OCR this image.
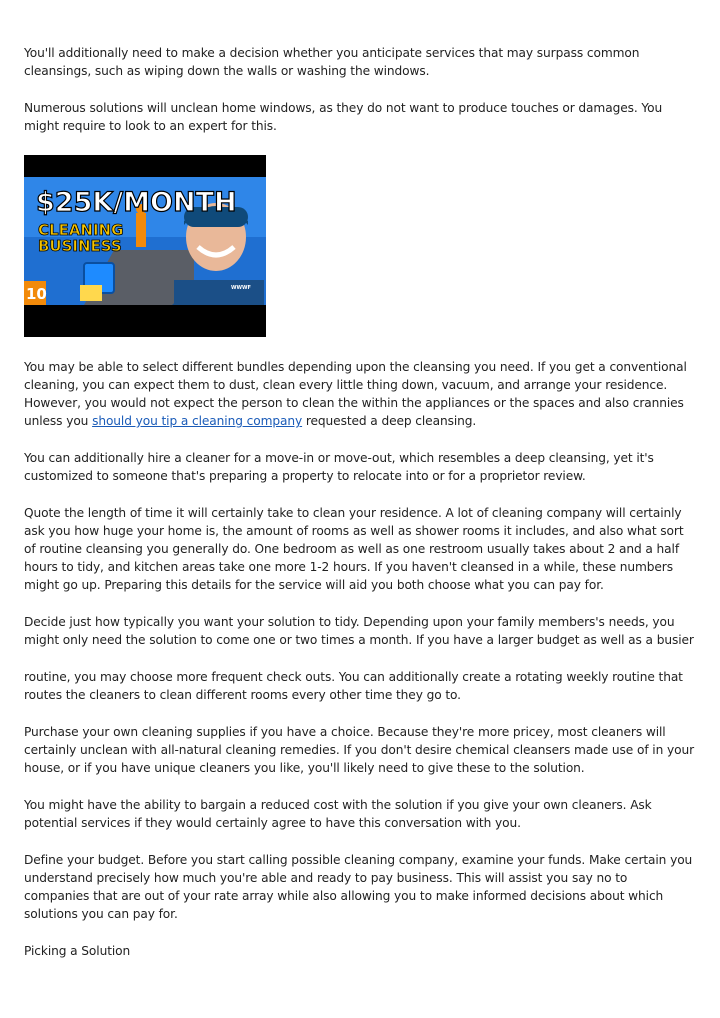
You'll additionally need to make a decision whether you anticipate services that may surpass common cleansings, such as wiping down the walls or washing the windows.

Numerous solutions will unclean home windows, as they do not want to produce touches or damages. You might require to look to an expert for this.

$25K/MONTH
CLEANING
BUSINESS
10	WWWF

You may be able to select different bundles depending upon the cleansing you need. If you get a conventional cleaning, you can expect them to dust, clean every little thing down, vacuum, and arrange your residence. However, you would not expect the person to clean the within the appliances or the spaces and also crannies unless you should you tip a cleaning company requested a deep cleansing.

You can additionally hire a cleaner for a move-in or move-out, which resembles a deep cleansing, yet it's customized to someone that's preparing a property to relocate into or for a proprietor review.

Quote the length of time it will certainly take to clean your residence. A lot of cleaning company will certainly ask you how huge your home is, the amount of rooms as well as shower rooms it includes, and also what sort of routine cleansing you generally do. One bedroom as well as one restroom usually takes about 2 and a half hours to tidy, and kitchen areas take one more 1-2 hours. If you haven't cleansed in a while, these numbers might go up. Preparing this details for the service will aid you both choose what you can pay for.

Decide just how typically you want your solution to tidy. Depending upon your family members's needs, you might only need the solution to come one or two times a month. If you have a larger budget as well as a busier

routine, you may choose more frequent check outs. You can additionally create a rotating weekly routine that routes the cleaners to clean different rooms every other time they go to.

Purchase your own cleaning supplies if you have a choice. Because they're more pricey, most cleaners will certainly unclean with all-natural cleaning remedies. If you don't desire chemical cleansers made use of in your house, or if you have unique cleaners you like, you'll likely need to give these to the solution.

You might have the ability to bargain a reduced cost with the solution if you give your own cleaners. Ask potential services if they would certainly agree to have this conversation with you.

Define your budget. Before you start calling possible cleaning company, examine your funds. Make certain you understand precisely how much you're able and ready to pay business. This will assist you say no to companies that are out of your rate array while also allowing you to make informed decisions about which solutions you can pay for.

Picking a Solution
